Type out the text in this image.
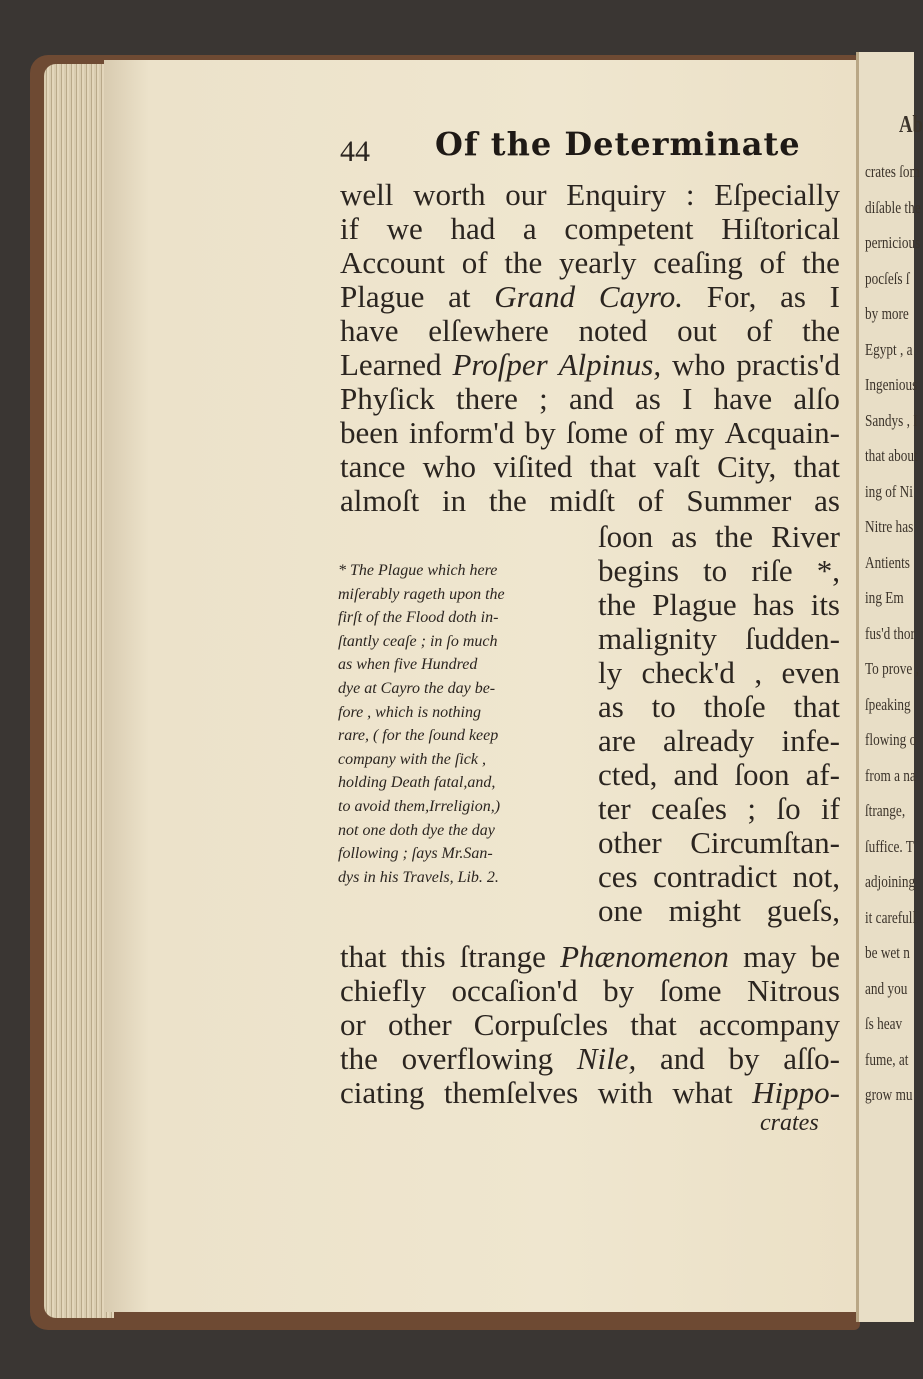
Ab
crates ſom
diſable the
pernicious
pocſeſs ſ
by more
Egypt , a
Ingenious
Sandys , I
that about
ing of Ni
Nitre has
Antients
ing Em
fus'd thor
To prove ,
ſpeaking
flowing o
from a na
ſtrange,
ſuffice. T
adjoining
it carefull
be wet n
and you
ſs heav
fume, at
grow mu
44 Of the Determinate
well worth our Enquiry : Eſpecially
if we had a competent Hiſtorical
Account of the yearly ceaſing of the
Plague at Grand Cayro. For, as I
have elſewhere noted out of the
Learned Proſper Alpinus, who practis'd
Phyſick there ; and as I have alſo
been inform'd by ſome of my Acquain-
tance who viſited that vaſt City, that
almoſt in the midſt of Summer as
ſoon as the River
begins to riſe *,
the Plague has its
malignity ſudden-
ly check'd , even
as to thoſe that
are already infe-
cted, and ſoon af-
ter ceaſes ; ſo if
other Circumſtan-
ces contradict not,
one might gueſs,
that this ſtrange Phænomenon may be
chiefly occaſion'd by ſome Nitrous
or other Corpuſcles that accompany
the overflowing Nile, and by aſſo-
ciating themſelves with what Hippo-
* The Plague which here
miſerably rageth upon the
firſt of the Flood doth in-
ſtantly ceaſe ; in ſo much
as when five Hundred
dye at Cayro the day be-
fore , which is nothing
rare, ( for the ſound keep
company with the ſick ,
holding Death fatal,and,
to avoid them,Irreligion,)
not one doth dye the day
following ; ſays Mr.San-
dys in his Travels, Lib. 2.
crates
